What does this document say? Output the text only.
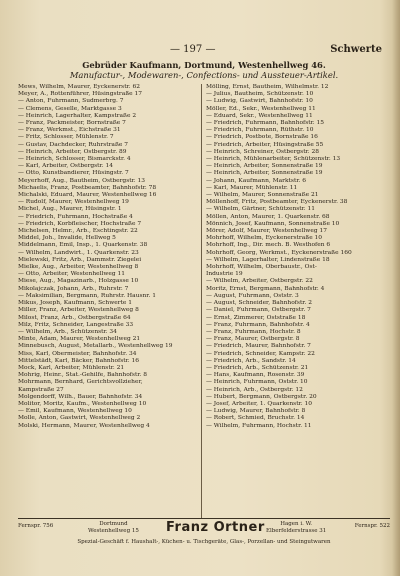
— 197 —	Schwerte
Gebrüder Kaufmann, Dortmund, Westenhellweg 46.
Manufactur-, Modewaren-, Confections- und Aussteuer-Artikel.
Mews, Wilhelm, Maurer, Eyckenerstr. 62
Meyer, A., Rottenführer, Hüsingstraße 17
— Anton, Fuhrmann, Sudmerbrg. 7
— Clemens, Geselle, Marktgasse 3
— Heinrich, Lagerhalter, Kampstraße 2
— Franz, Packmeister, Bornstraße 7
— Franz, Werkmst., Eichstraße 31
— Fritz, Schlosser, Mühlenstr. 7
— Gustav, Dachdecker, Ruhrstraße 7
— Heinrich, Arbeiter, Ostbergstr. 89
— Heinrich, Schlosser, Bismarckstr. 4
— Karl, Arbeiter, Ostbergstr. 14
— Otto, Kunstbandierer, Hüsingstr. 7
Meyerhoff, Aug., Bautheim, Ostbergstr. 13
Michaelis, Franz, Postbeamter, Bahnhofstr. 78
Michalski, Eduard, Maurer, Westenhellweg 16
— Rudolf, Maurer, Westenhellweg 19
Michel, Aug., Maurer, Hüsingstr. 1
— Friedrich, Fuhrmann, Hochstraße 4
— Friedrich, Korbfleischer, Hochstraße 7
Michelsen, Helmr., Arb., Eschtingstr. 22
Middel, Joh., Invalide, Hellweg 5
Middelmann, Emil, Insp., 1. Quarkenstr. 38
— Wilhelm, Landwirt., 1. Quarkenstr. 23
Mielewski, Fritz, Arb., Dammstr. Ziegelei
Mielke, Aug., Arbeiter, Westenhellweg 8
— Otto, Arbeiter, Westenhellweg 11
Miese, Aug., Magazinarb., Holzgasse 10
Mikolajczak, Johann, Arb., Ruhrstr. 7
— Maksimilian, Bergmann, Ruhrstr. Hausnr. 1
Mikus, Joseph, Kaufmann, Schwerte 1
Miller, Franz, Arbeiter, Westenhellweg 8
Milost, Franz, Arb., Ostbergstraße 64
Milz, Fritz, Schneider, Langestraße 33
— Wilhelm, Arb., Schützenstr. 34
Minte, Adam, Maurer, Westenhellweg 21
Minnebusch, August, Metallarb., Westenhellweg 19
Miss, Karl, Obermeister, Bahnhofstr. 34
Mittelstädt, Karl, Bäcker, Bahnhofstr. 16
Mock, Karl, Arbeiter, Mühlenstr. 21
Mohrig, Heinr., Stat.-Gehilfe, Bahnhofstr. 8
Mohrmann, Bernhard, Gerichtsvollzieher,
Kampstraße 27
Molgendorff, Wilh., Bauer, Bahnhofstr. 34
Molitor, Moritz, Kaufm., Westenhellweg 10
— Emil, Kaufmann, Westenhellweg 10
Molle, Anton, Gastwirt, Westenhellweg 2
Molski, Hermann, Maurer, Westenhellweg 4
Mölling, Ernst, Bautheim, Wilhelmstr. 12
— Julius, Bautheim, Schützenstr. 10
— Ludwig, Gastwirt, Bahnhofstr. 10
Möller, Ed., Sekr., Westenhellweg 11
— Eduard, Sekr., Westenhellweg 11
— Friedrich, Fuhrmann, Bahnhofstr. 15
— Friedrich, Fuhrmann, Rüthstr. 10
— Friedrich, Postbote, Bornstraße 16
— Friedrich, Arbeiter, Hüsingstraße 55
— Heinrich, Schreiner, Ostbergstr. 28
— Heinrich, Mühlenarbeiter, Schützenstr. 13
— Heinrich, Arbeiter, Sonnenstraße 19
— Heinrich, Arbeiter, Sonnenstraße 19
— Johann, Kaufmann, Marktstr. 6
— Karl, Maurer, Mühlenstr. 11
— Wilhelm, Maurer, Sonnenstraße 21
Möllenhoff, Fritz, Postbeamter, Eyckenerstr. 38
— Wilhelm, Gärtner, Schützenstr. 11
Möllen, Anton, Maurer, 1. Quarkenstr. 68
Mönnich, Josef, Kaufmann, Sonnenstraße 10
Mörer, Adolf, Maurer, Westenhellweg 17
Mohrhoff, Wilhelm, Eyckenerstraße 10
Mohrhoff, Ing., Dir. mech. B. Westhofen 6
Mohrhoff, Georg, Werkmst., Eyckenerstraße 160
— Wilhelm, Lagerhalter, Lindenstraße 18
Mohrhoff, Wilhelm, Oberbaustr., Ost-
Industrie 19
— Wilhelm, Arbeiter, Ostbergstr. 22
Moritz, Ernst, Bergmann, Bahnhofstr. 4
— August, Fuhrmann, Oststr. 3
— August, Schneider, Bahnhofstr. 2
— Daniel, Fuhrmann, Ostbergstr. 7
— Ernst, Zimmerer, Oststraße 18
— Franz, Fuhrmann, Bahnhofstr. 4
— Franz, Fuhrmann, Hochstr. 8
— Franz, Maurer, Ostbergstr. 8
— Friedrich, Maurer, Bahnhofstr. 7
— Friedrich, Schneider, Kampstr. 22
— Friedrich, Arb., Sandstr. 14
— Friedrich, Arb., Schützenstr. 21
— Hans, Kaufmann, Rosenstr. 39
— Heinrich, Fuhrmann, Oststr. 10
— Heinrich, Arb., Ostbergstr. 12
— Hubert, Bergmann, Ostbergstr. 20
— Josef, Arbeiter, 1. Quarkenstr. 10
— Ludwig, Maurer, Bahnhofstr. 8
— Robert, Schmied, Bruchstr. 14
— Wilhelm, Fuhrmann, Hochstr. 11
Fernspr. 756	Dortmund
Westenhellweg 15 Franz Ortner	Hagen i. W.
Elberfelderstrasse 31
Fernspr. 522
Spezial-Geschäft f. Haushalt-, Küchen- u. Tischgeräte, Glas-, Porzellan- und Steingutwaren
